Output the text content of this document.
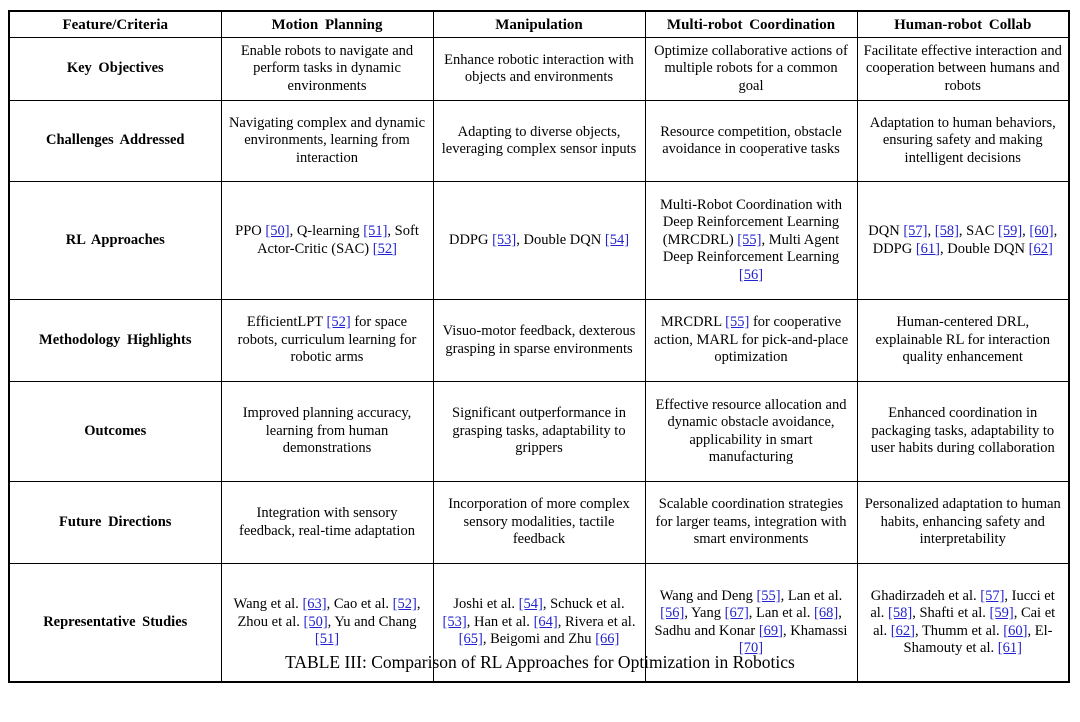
Feature/Criteria	Motion Planning	Manipulation	Multi-robot Coordination	Human-robot Collab
Key Objectives	Enable robots to navigate and perform tasks in dynamic environments	Enhance robotic interaction with objects and environments	Optimize collaborative actions of multiple robots for a common goal	Facilitate effective interaction and cooperation between humans and robots
Challenges Addressed	Navigating complex and dynamic environments, learning from interaction	Adapting to diverse objects, leveraging complex sensor inputs	Resource competition, obstacle avoidance in cooperative tasks	Adaptation to human behaviors, ensuring safety and making intelligent decisions
RL Approaches	PPO [50], Q-learning [51], Soft Actor-Critic (SAC) [52]	DDPG [53], Double DQN [54]	Multi-Robot Coordination with Deep Reinforcement Learning (MRCDRL) [55], Multi Agent Deep Reinforcement Learning [56]	DQN [57], [58], SAC [59], [60], DDPG [61], Double DQN [62]
Methodology Highlights	EfficientLPT [52] for space robots, curriculum learning for robotic arms	Visuo-motor feedback, dexterous grasping in sparse environments	MRCDRL [55] for cooperative action, MARL for pick-and-place optimization	Human-centered DRL, explainable RL for interaction quality enhancement
Outcomes	Improved planning accuracy, learning from human demonstrations	Significant outperformance in grasping tasks, adaptability to grippers	Effective resource allocation and dynamic obstacle avoidance, applicability in smart manufacturing	Enhanced coordination in packaging tasks, adaptability to user habits during collaboration
Future Directions	Integration with sensory feedback, real-time adaptation	Incorporation of more complex sensory modalities, tactile feedback	Scalable coordination strategies for larger teams, integration with smart environments	Personalized adaptation to human habits, enhancing safety and interpretability
Representative Studies	Wang et al. [63], Cao et al. [52], Zhou et al. [50], Yu and Chang [51]	Joshi et al. [54], Schuck et al. [53], Han et al. [64], Rivera et al. [65], Beigomi and Zhu [66]	Wang and Deng [55], Lan et al. [56], Yang [67], Lan et al. [68], Sadhu and Konar [69], Khamassi [70]	Ghadirzadeh et al. [57], Iucci et al. [58], Shafti et al. [59], Cai et al. [62], Thumm et al. [60], El-Shamouty et al. [61]
TABLE III: Comparison of RL Approaches for Optimization in Robotics
